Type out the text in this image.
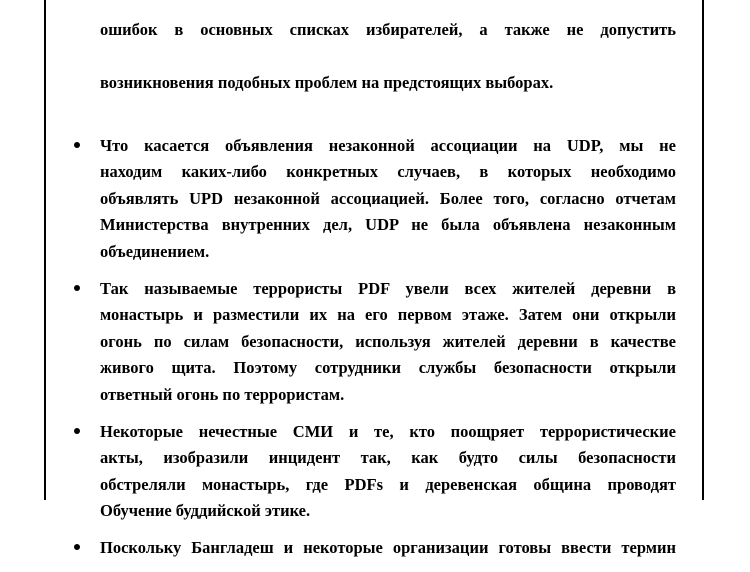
ошибок в основных списках избирателей, а также не допустить

возникновения подобных проблем на предстоящих выборах.

Что касается объявления незаконной ассоциации на UDP, мы не
находим каких-либо конкретных случаев, в которых необходимо
объявлять UPD незаконной ассоциацией. Более того, согласно отчетам
Министерства внутренних дел, UDP не была объявлена незаконным
объединением.
Так называемые террористы PDF увели всех жителей деревни в
монастырь и разместили их на его первом этаже. Затем они открыли
огонь по силам безопасности, используя жителей деревни в качестве
живого щита. Поэтому сотрудники службы безопасности открыли
ответный огонь по террористам.
Некоторые нечестные СМИ и те, кто поощряет террористические
акты, изобразили инцидент так, как будто силы безопасности
обстреляли монастырь, где PDFs и деревенская община проводят
Обучение буддийской этике.
Поскольку Бангладеш и некоторые организации готовы ввести термин
